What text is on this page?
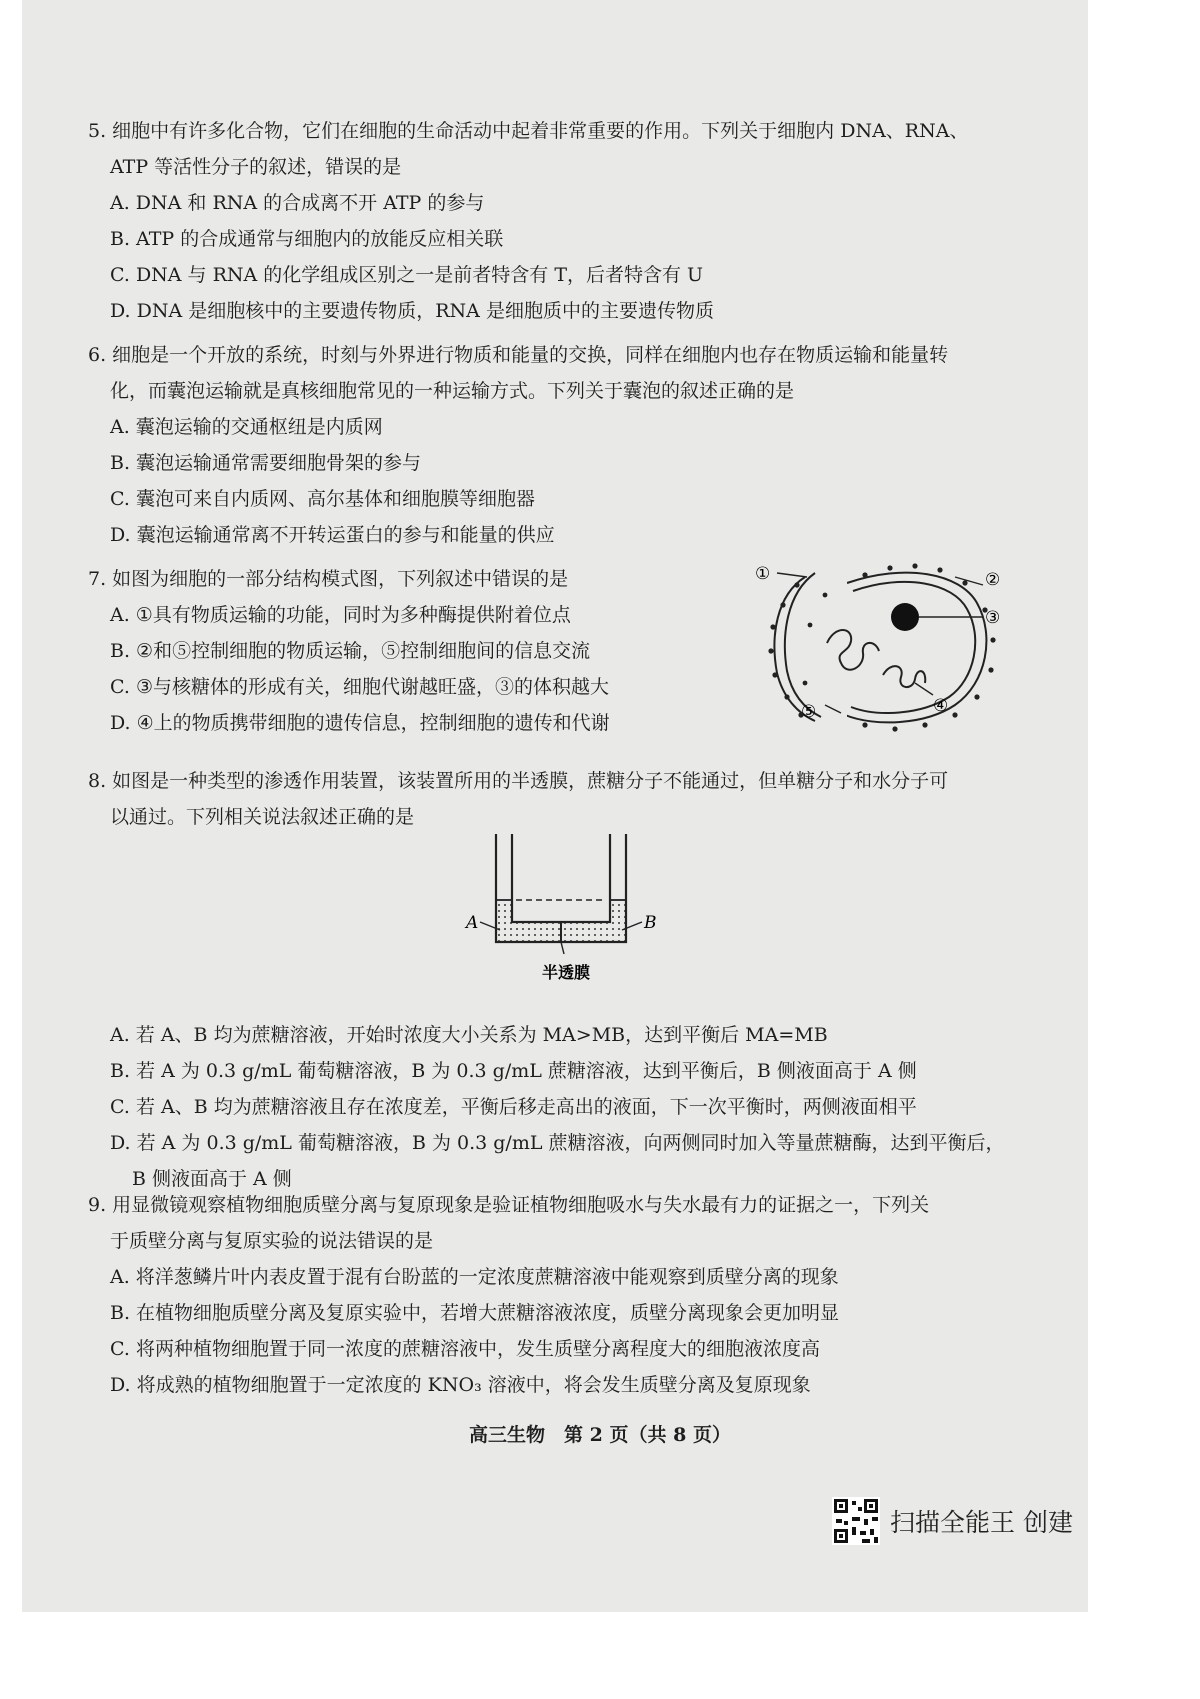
5. 细胞中有许多化合物，它们在细胞的生命活动中起着非常重要的作用。下列关于细胞内 DNA、RNA、

ATP 等活性分子的叙述，错误的是

A. DNA 和 RNA 的合成离不开 ATP 的参与

B. ATP 的合成通常与细胞内的放能反应相关联

C. DNA 与 RNA 的化学组成区别之一是前者特含有 T，后者特含有 U

D. DNA 是细胞核中的主要遗传物质，RNA 是细胞质中的主要遗传物质

6. 细胞是一个开放的系统，时刻与外界进行物质和能量的交换，同样在细胞内也存在物质运输和能量转

化，而囊泡运输就是真核细胞常见的一种运输方式。下列关于囊泡的叙述正确的是

A. 囊泡运输的交通枢纽是内质网

B. 囊泡运输通常需要细胞骨架的参与

C. 囊泡可来自内质网、高尔基体和细胞膜等细胞器

D. 囊泡运输通常离不开转运蛋白的参与和能量的供应

7. 如图为细胞的一部分结构模式图，下列叙述中错误的是

A. ①具有物质运输的功能，同时为多种酶提供附着位点

B. ②和⑤控制细胞的物质运输，⑤控制细胞间的信息交流

C. ③与核糖体的形成有关，细胞代谢越旺盛，③的体积越大

D. ④上的物质携带细胞的遗传信息，控制细胞的遗传和代谢

①	②
③
④
⑤

8. 如图是一种类型的渗透作用装置，该装置所用的半透膜，蔗糖分子不能通过，但单糖分子和水分子可

以通过。下列相关说法叙述正确的是

A	B
半透膜

A. 若 A、B 均为蔗糖溶液，开始时浓度大小关系为 MA>MB，达到平衡后 MA=MB

B. 若 A 为 0.3 g/mL 葡萄糖溶液，B 为 0.3 g/mL 蔗糖溶液，达到平衡后，B 侧液面高于 A 侧

C. 若 A、B 均为蔗糖溶液且存在浓度差，平衡后移走高出的液面，下一次平衡时，两侧液面相平

D. 若 A 为 0.3 g/mL 葡萄糖溶液，B 为 0.3 g/mL 蔗糖溶液，向两侧同时加入等量蔗糖酶，达到平衡后，

B 侧液面高于 A 侧

9. 用显微镜观察植物细胞质壁分离与复原现象是验证植物细胞吸水与失水最有力的证据之一，下列关

于质壁分离与复原实验的说法错误的是

A. 将洋葱鳞片叶内表皮置于混有台盼蓝的一定浓度蔗糖溶液中能观察到质壁分离的现象

B. 在植物细胞质壁分离及复原实验中，若增大蔗糖溶液浓度，质壁分离现象会更加明显

C. 将两种植物细胞置于同一浓度的蔗糖溶液中，发生质壁分离程度大的细胞液浓度高

D. 将成熟的植物细胞置于一定浓度的 KNO₃ 溶液中，将会发生质壁分离及复原现象

高三生物　第 2 页（共 8 页）
扫描全能王 创建
